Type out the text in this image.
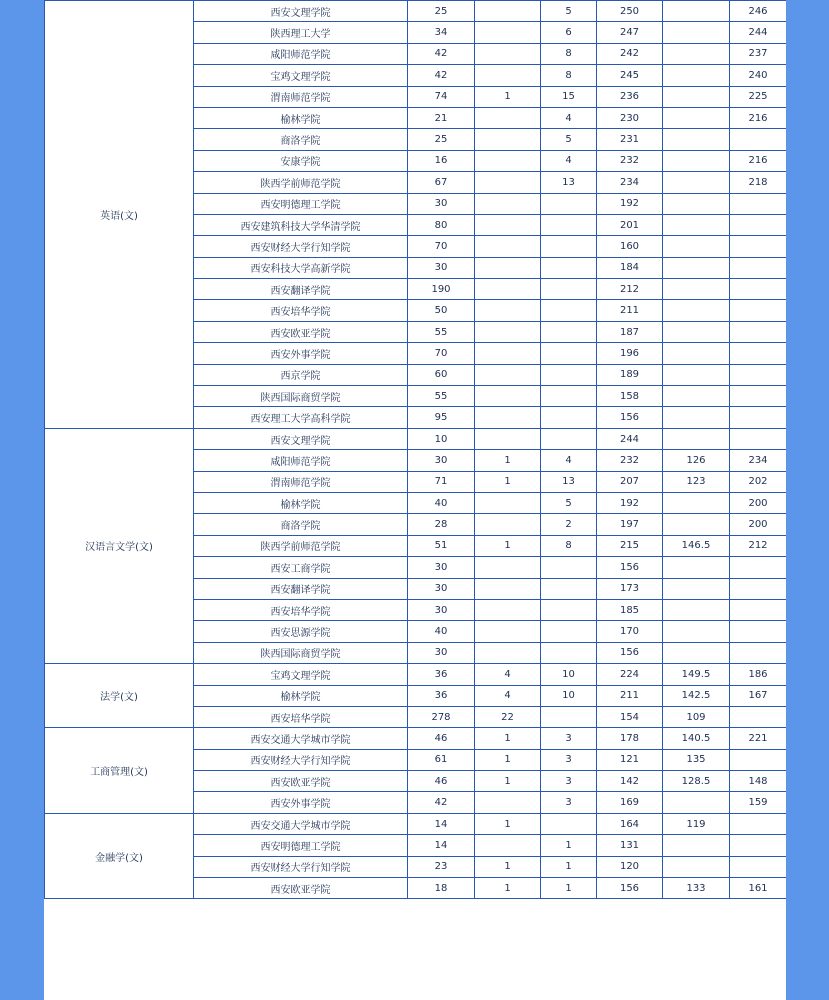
英语(文)	西安文理学院	25		5	250		246
	陕西理工大学	34		6	247		244
	咸阳师范学院	42		8	242		237
	宝鸡文理学院	42		8	245		240
	渭南师范学院	74	1	15	236		225
	榆林学院	21		4	230		216
	商洛学院	25		5	231		
	安康学院	16		4	232		216
	陕西学前师范学院	67		13	234		218
	西安明德理工学院	30			192		
	西安建筑科技大学华清学院	80			201		
	西安财经大学行知学院	70			160		
	西安科技大学高新学院	30			184		
	西安翻译学院	190			212		
	西安培华学院	50			211		
	西安欧亚学院	55			187		
	西安外事学院	70			196		
	西京学院	60			189		
	陕西国际商贸学院	55			158		
	西安理工大学高科学院	95			156		
汉语言文学(文)	西安文理学院	10			244		
	咸阳师范学院	30	1	4	232	126	234
	渭南师范学院	71	1	13	207	123	202
	榆林学院	40		5	192		200
	商洛学院	28		2	197		200
	陕西学前师范学院	51	1	8	215	146.5	212
	西安工商学院	30			156		
	西安翻译学院	30			173		
	西安培华学院	30			185		
	西安思源学院	40			170		
	陕西国际商贸学院	30			156		
法学(文)	宝鸡文理学院	36	4	10	224	149.5	186
	榆林学院	36	4	10	211	142.5	167
	西安培华学院	278	22		154	109	
工商管理(文)	西安交通大学城市学院	46	1	3	178	140.5	221
	西安财经大学行知学院	61	1	3	121	135	
	西安欧亚学院	46	1	3	142	128.5	148
	西安外事学院	42		3	169		159
金融学(文)	西安交通大学城市学院	14	1		164	119	
	西安明德理工学院	14		1	131		
	西安财经大学行知学院	23	1	1	120		
	西安欧亚学院	18	1	1	156	133	161
